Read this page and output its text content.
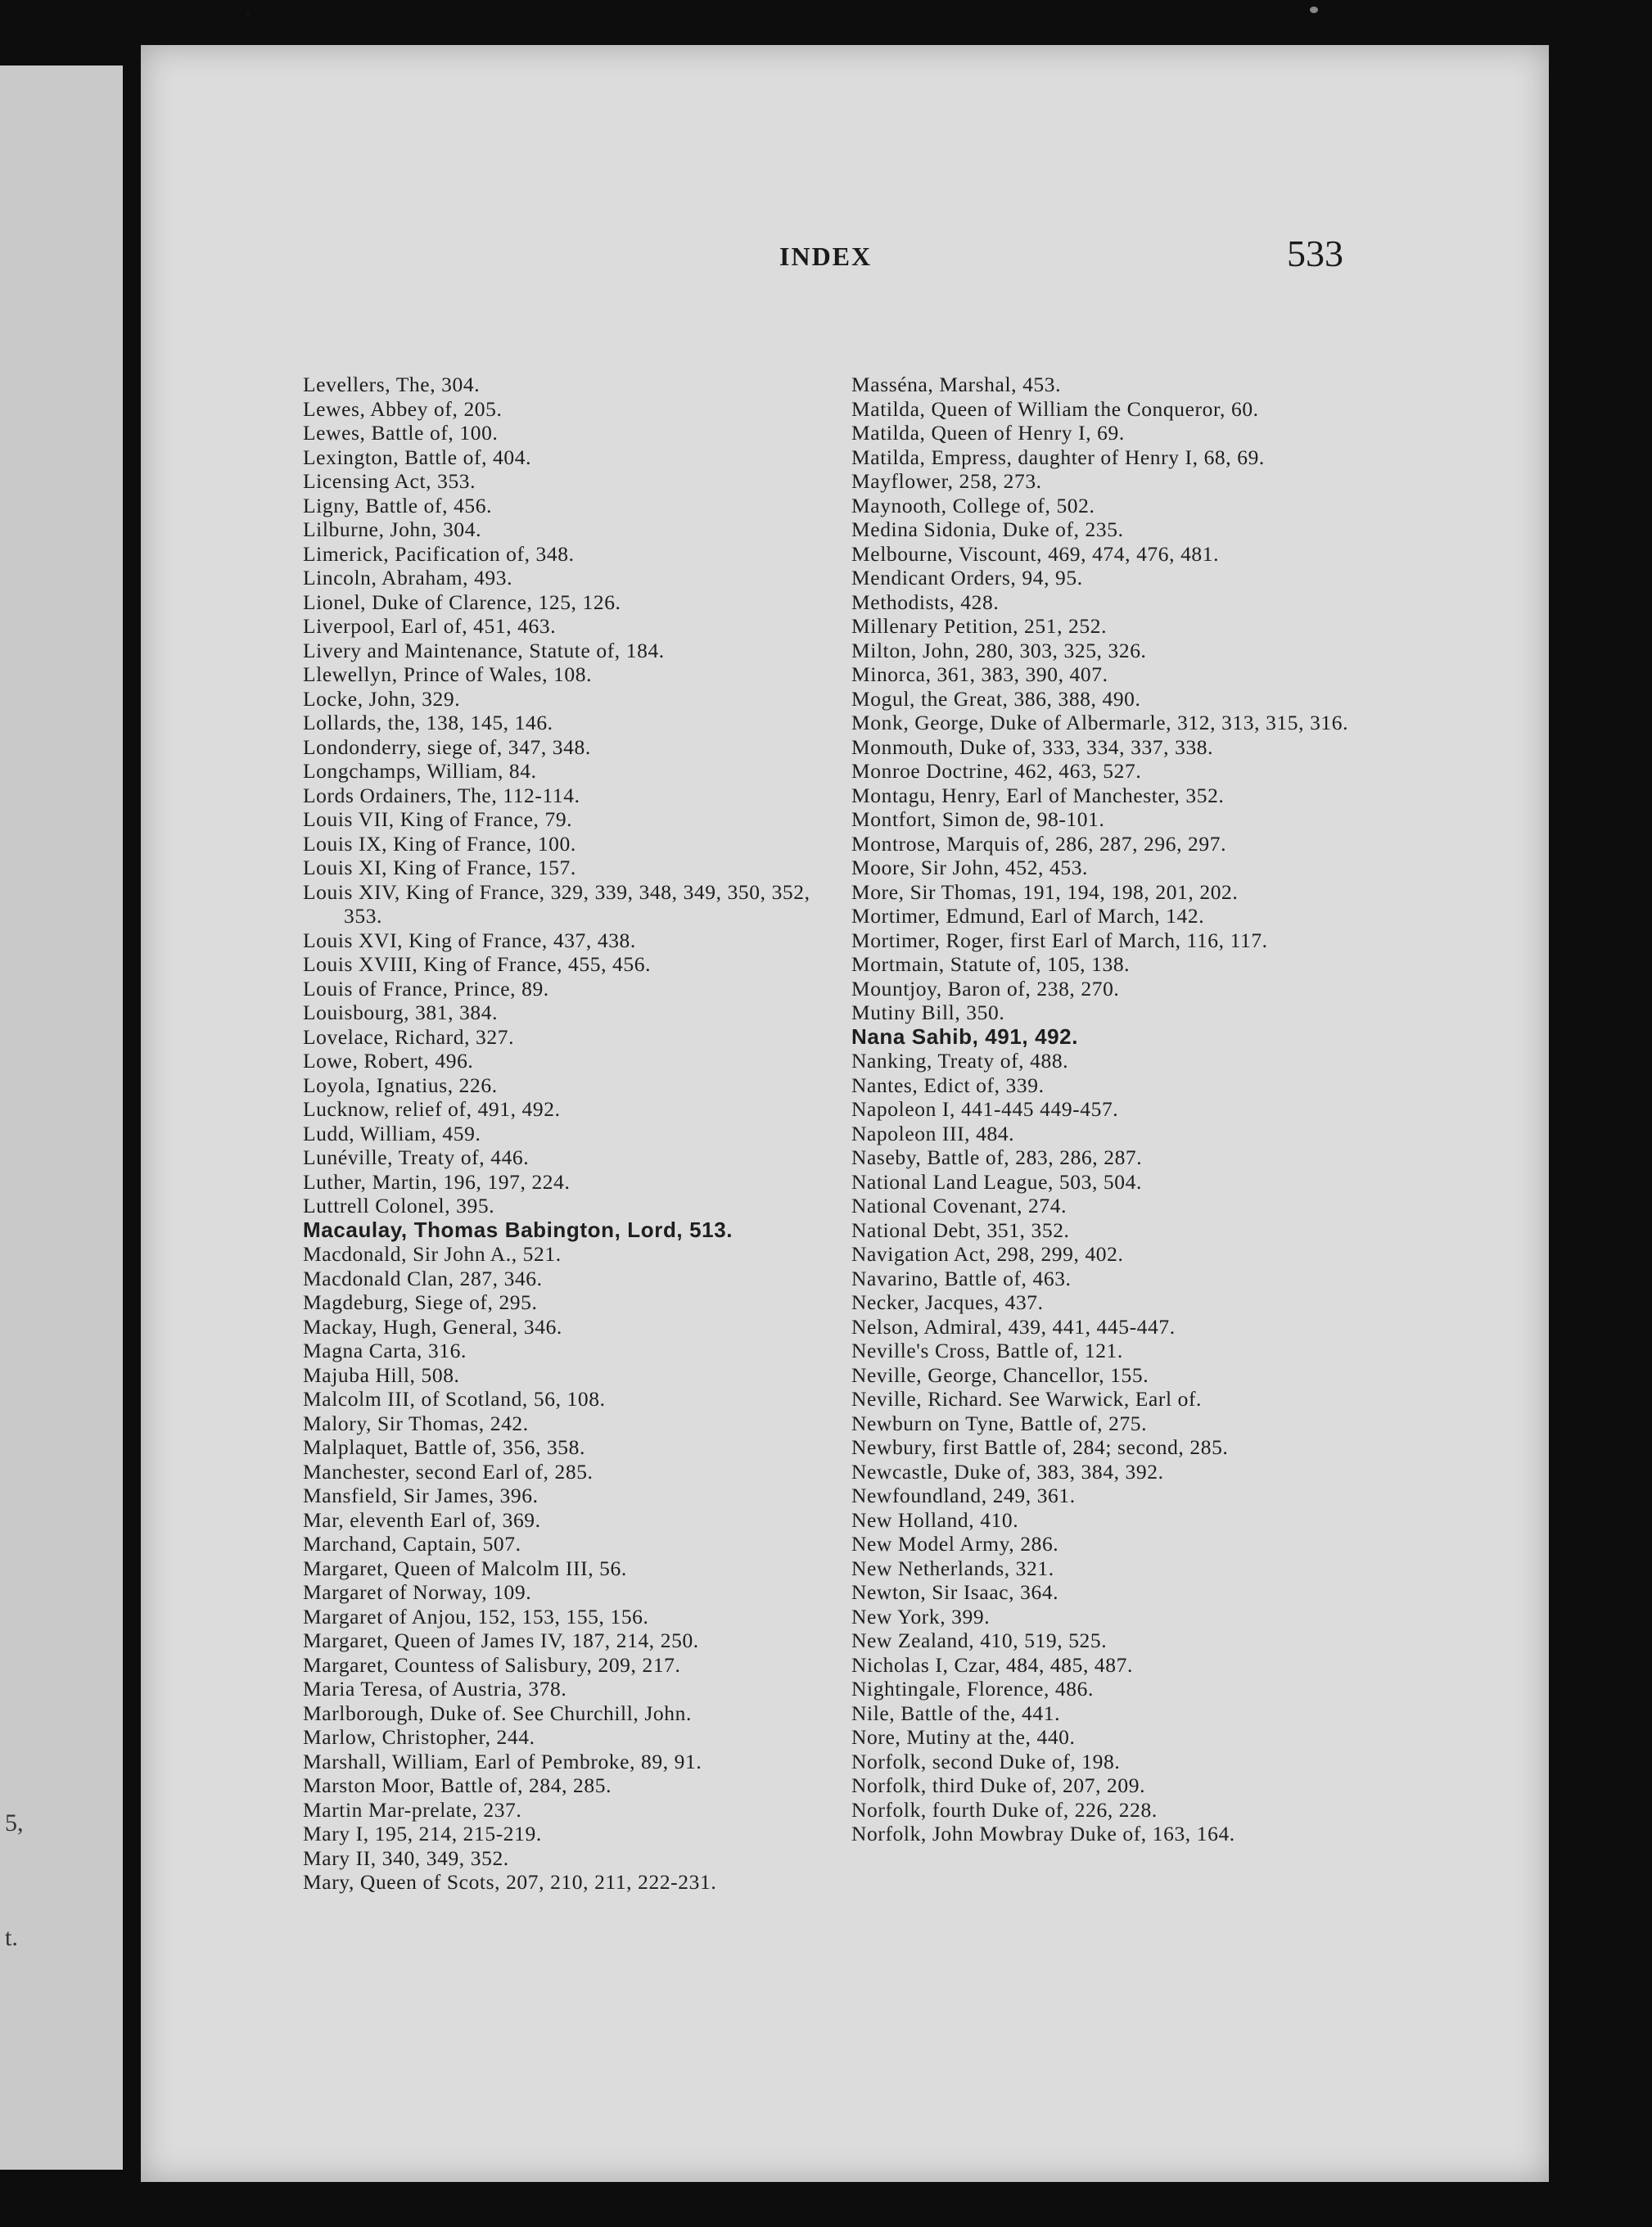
5,
t.
INDEX	533

Levellers, The, 304.

Lewes, Abbey of, 205.

Lewes, Battle of, 100.

Lexington, Battle of, 404.

Licensing Act, 353.

Ligny, Battle of, 456.

Lilburne, John, 304.

Limerick, Pacification of, 348.

Lincoln, Abraham, 493.

Lionel, Duke of Clarence, 125, 126.

Liverpool, Earl of, 451, 463.

Livery and Maintenance, Statute of, 184.

Llewellyn, Prince of Wales, 108.

Locke, John, 329.

Lollards, the, 138, 145, 146.

Londonderry, siege of, 347, 348.

Longchamps, William, 84.

Lords Ordainers, The, 112-114.

Louis VII, King of France, 79.

Louis IX, King of France, 100.

Louis XI, King of France, 157.

Louis XIV, King of France, 329, 339, 348, 349, 350, 352, 353.

Louis XVI, King of France, 437, 438.

Louis XVIII, King of France, 455, 456.

Louis of France, Prince, 89.

Louisbourg, 381, 384.

Lovelace, Richard, 327.

Lowe, Robert, 496.

Loyola, Ignatius, 226.

Lucknow, relief of, 491, 492.

Ludd, William, 459.

Lunéville, Treaty of, 446.

Luther, Martin, 196, 197, 224.

Luttrell Colonel, 395.

Macaulay, Thomas Babington, Lord, 513.

Macdonald, Sir John A., 521.

Macdonald Clan, 287, 346.

Magdeburg, Siege of, 295.

Mackay, Hugh, General, 346.

Magna Carta, 316.

Majuba Hill, 508.

Malcolm III, of Scotland, 56, 108.

Malory, Sir Thomas, 242.

Malplaquet, Battle of, 356, 358.

Manchester, second Earl of, 285.

Mansfield, Sir James, 396.

Mar, eleventh Earl of, 369.

Marchand, Captain, 507.

Margaret, Queen of Malcolm III, 56.

Margaret of Norway, 109.

Margaret of Anjou, 152, 153, 155, 156.

Margaret, Queen of James IV, 187, 214, 250.

Margaret, Countess of Salisbury, 209, 217.

Maria Teresa, of Austria, 378.

Marlborough, Duke of. See Churchill, John.

Marlow, Christopher, 244.

Marshall, William, Earl of Pembroke, 89, 91.

Marston Moor, Battle of, 284, 285.

Martin Mar-prelate, 237.

Mary I, 195, 214, 215-219.

Mary II, 340, 349, 352.

Mary, Queen of Scots, 207, 210, 211, 222-231.

Masséna, Marshal, 453.

Matilda, Queen of William the Conqueror, 60.

Matilda, Queen of Henry I, 69.

Matilda, Empress, daughter of Henry I, 68, 69.

Mayflower, 258, 273.

Maynooth, College of, 502.

Medina Sidonia, Duke of, 235.

Melbourne, Viscount, 469, 474, 476, 481.

Mendicant Orders, 94, 95.

Methodists, 428.

Millenary Petition, 251, 252.

Milton, John, 280, 303, 325, 326.

Minorca, 361, 383, 390, 407.

Mogul, the Great, 386, 388, 490.

Monk, George, Duke of Albermarle, 312, 313, 315, 316.

Monmouth, Duke of, 333, 334, 337, 338.

Monroe Doctrine, 462, 463, 527.

Montagu, Henry, Earl of Manchester, 352.

Montfort, Simon de, 98-101.

Montrose, Marquis of, 286, 287, 296, 297.

Moore, Sir John, 452, 453.

More, Sir Thomas, 191, 194, 198, 201, 202.

Mortimer, Edmund, Earl of March, 142.

Mortimer, Roger, first Earl of March, 116, 117.

Mortmain, Statute of, 105, 138.

Mountjoy, Baron of, 238, 270.

Mutiny Bill, 350.

Nana Sahib, 491, 492.

Nanking, Treaty of, 488.

Nantes, Edict of, 339.

Napoleon I, 441-445 449-457.

Napoleon III, 484.

Naseby, Battle of, 283, 286, 287.

National Land League, 503, 504.

National Covenant, 274.

National Debt, 351, 352.

Navigation Act, 298, 299, 402.

Navarino, Battle of, 463.

Necker, Jacques, 437.

Nelson, Admiral, 439, 441, 445-447.

Neville's Cross, Battle of, 121.

Neville, George, Chancellor, 155.

Neville, Richard. See Warwick, Earl of.

Newburn on Tyne, Battle of, 275.

Newbury, first Battle of, 284; second, 285.

Newcastle, Duke of, 383, 384, 392.

Newfoundland, 249, 361.

New Holland, 410.

New Model Army, 286.

New Netherlands, 321.

Newton, Sir Isaac, 364.

New York, 399.

New Zealand, 410, 519, 525.

Nicholas I, Czar, 484, 485, 487.

Nightingale, Florence, 486.

Nile, Battle of the, 441.

Nore, Mutiny at the, 440.

Norfolk, second Duke of, 198.

Norfolk, third Duke of, 207, 209.

Norfolk, fourth Duke of, 226, 228.

Norfolk, John Mowbray Duke of, 163, 164.
